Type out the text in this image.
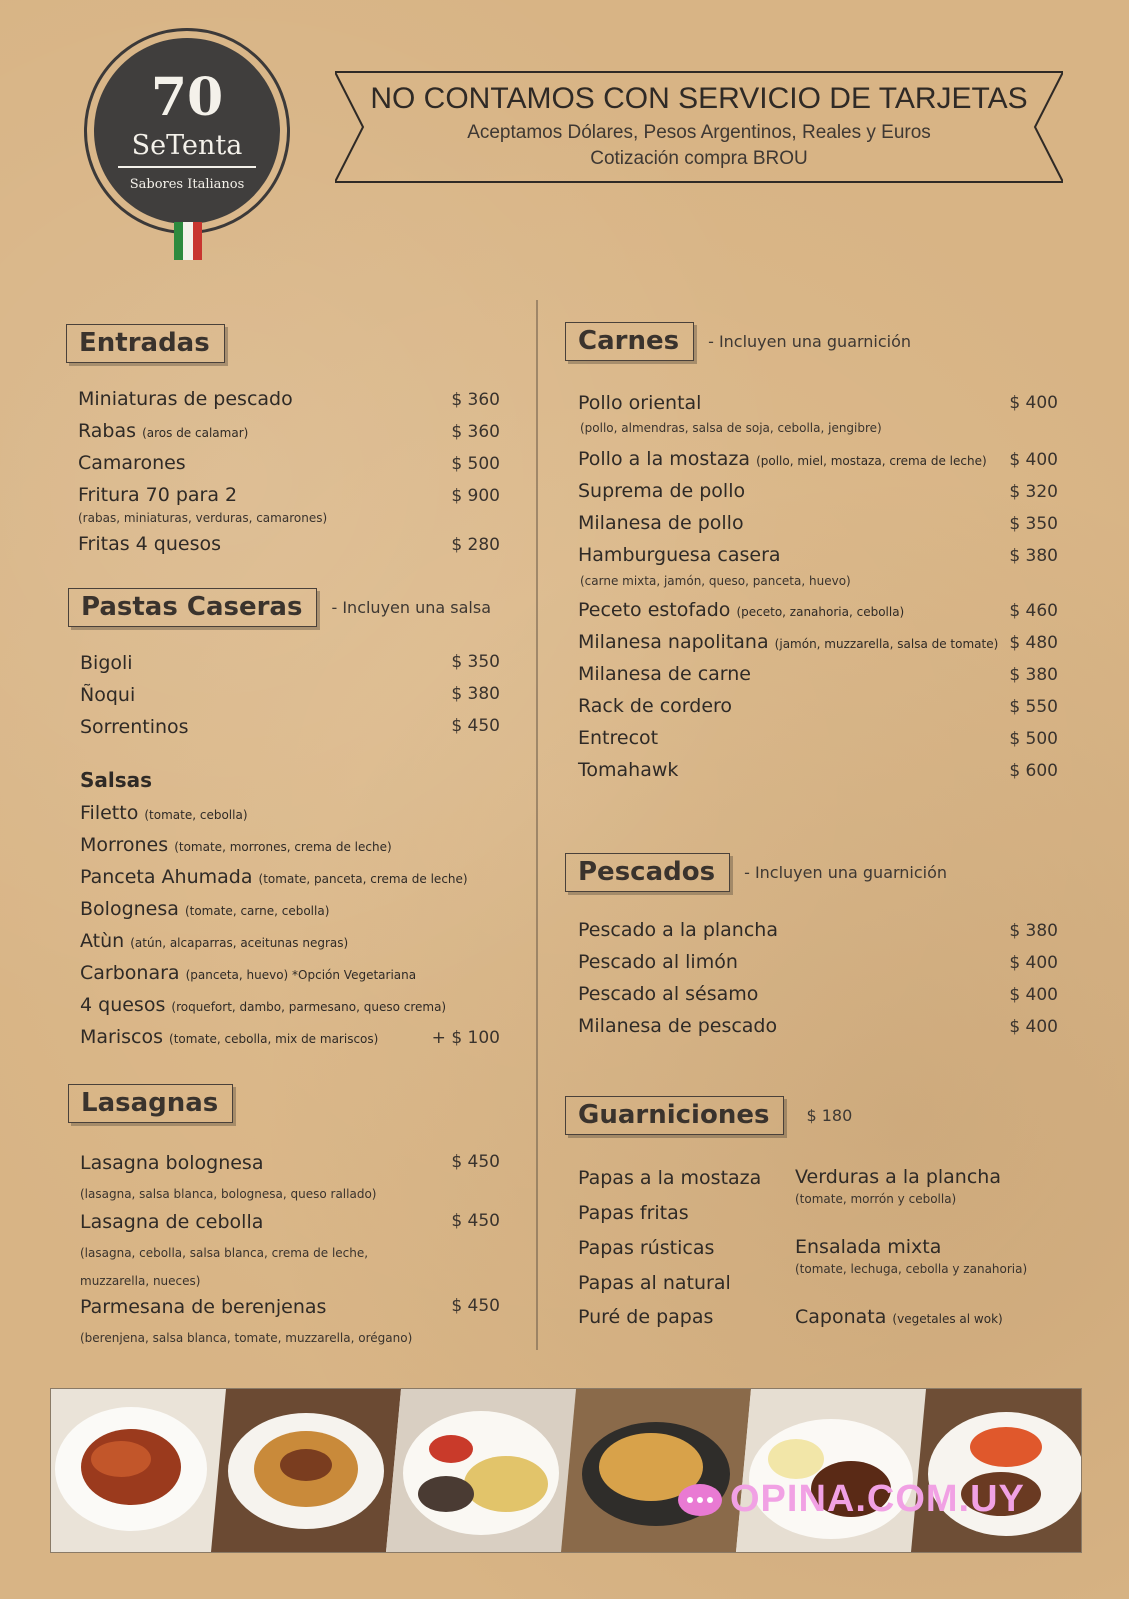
70
SeTenta
Sabores Italianos
NO CONTAMOS CON SERVICIO DE TARJETAS
Aceptamos Dólares, Pesos Argentinos, Reales y Euros
Cotización compra BROU
Entradas
Miniaturas de pescado	$ 360
Rabas (aros de calamar)	$ 360
Camarones	$ 500
Fritura 70 para 2	$ 900
(rabas, miniaturas, verduras, camarones)
Fritas 4 quesos	$ 280
Pastas Caseras	- Incluyen una salsa
Bigoli	$ 350
Ñoqui	$ 380
Sorrentinos	$ 450
Salsas
Filetto (tomate, cebolla)
Morrones (tomate, morrones, crema de leche)
Panceta Ahumada (tomate, panceta, crema de leche)
Bolognesa (tomate, carne, cebolla)
Atùn (atún, alcaparras, aceitunas negras)
Carbonara (panceta, huevo) *Opción Vegetariana
4 quesos (roquefort, dambo, parmesano, queso crema)
Mariscos (tomate, cebolla, mix de mariscos)	+ $ 100
Lasagnas
Lasagna bolognesa	$ 450
(lasagna, salsa blanca, bolognesa, queso rallado)
Lasagna de cebolla	$ 450
(lasagna, cebolla, salsa blanca, crema de leche,
muzzarella, nueces)
Parmesana de berenjenas	$ 450
(berenjena, salsa blanca, tomate, muzzarella, orégano)
Carnes	- Incluyen una guarnición
Pollo oriental	$ 400
(pollo, almendras, salsa de soja, cebolla, jengibre)
Pollo a la mostaza (pollo, miel, mostaza, crema de leche)	$ 400
Suprema de pollo	$ 320
Milanesa de pollo	$ 350
Hamburguesa casera	$ 380
(carne mixta, jamón, queso, panceta, huevo)
Peceto estofado (peceto, zanahoria, cebolla)	$ 460
Milanesa napolitana (jamón, muzzarella, salsa de tomate) $ 480
Milanesa de carne	$ 380
Rack de cordero	$ 550
Entrecot	$ 500
Tomahawk	$ 600
Pescados	- Incluyen una guarnición
Pescado a la plancha	$ 380
Pescado al limón	$ 400
Pescado al sésamo	$ 400
Milanesa de pescado	$ 400
Guarniciones	$ 180
Papas a la mostaza
Papas fritas
Papas rústicas
Papas al natural
Puré de papas
Verduras a la plancha
(tomate, morrón y cebolla)
Ensalada mixta
(tomate, lechuga, cebolla y zanahoria)
Caponata (vegetales al wok)
OPINA.COM.UY
